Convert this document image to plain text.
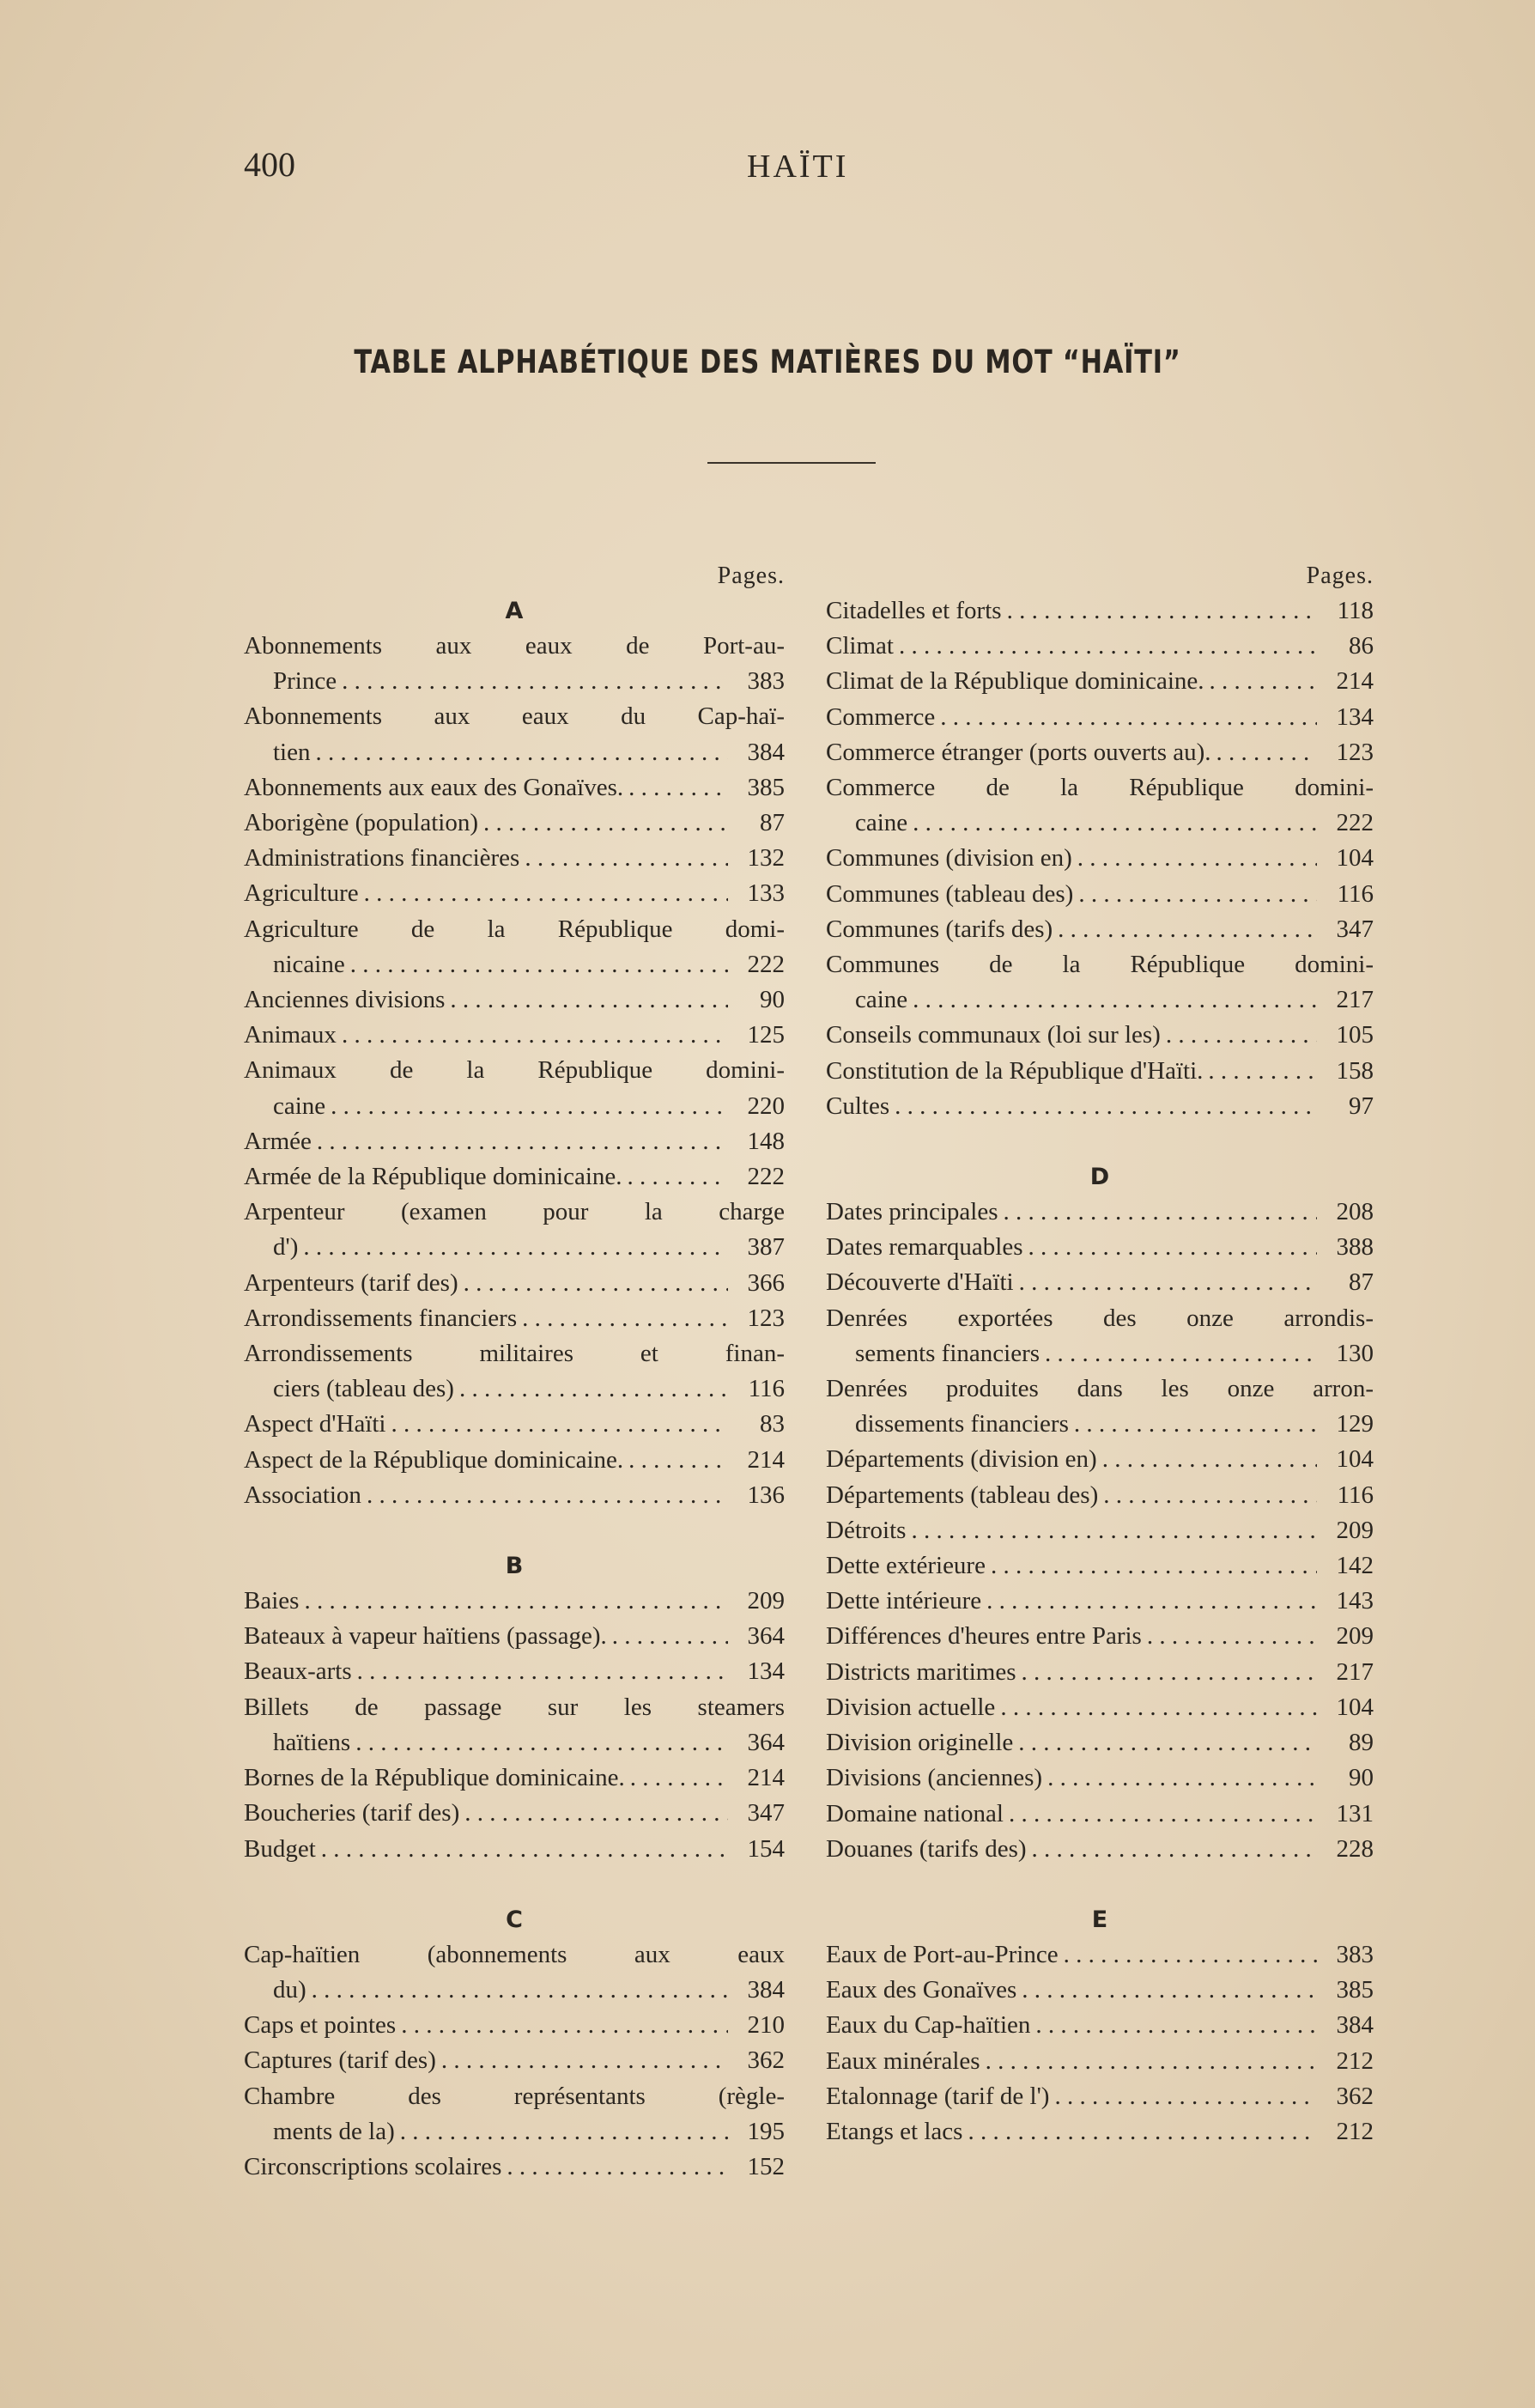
400	HAÏTI
TABLE ALPHABÉTIQUE DES MATIÈRES DU MOT “HAÏTI”
Pages.
A
Abonnements aux eaux de Port-au-
Prince . . .	383
Abonnements aux eaux du Cap-haï-
tien . . .	384
Abonnements aux eaux des Gonaïves. . . .	385
Aborigène (population) . . .	87
Administrations financières . . .	132
Agriculture . . .	133
Agriculture de la République domi-
nicaine . . .	222
Anciennes divisions . . .	90
Animaux . . .	125
Animaux de la République domini-
caine . . .	220
Armée . . .	148
Armée de la République dominicaine. . . .	222
Arpenteur (examen pour la charge
d') . . .	387
Arpenteurs (tarif des) . . .	366
Arrondissements financiers . . .	123
Arrondissements militaires et finan-
ciers (tableau des) . . .	116
Aspect d'Haïti . . .	83
Aspect de la République dominicaine. . . .	214
Association . . .	136
B
Baies . . .	209
Bateaux à vapeur haïtiens (passage). . . .	364
Beaux-arts . . .	134
Billets de passage sur les steamers
haïtiens . . .	364
Bornes de la République dominicaine. . . .	214
Boucheries (tarif des) . . .	347
Budget . . .	154
C
Cap-haïtien (abonnements aux eaux
du) . . .	384
Caps et pointes . . .	210
Captures (tarif des) . . .	362
Chambre des représentants (règle-
ments de la) . . .	195
Circonscriptions scolaires . . .	152
Pages.
Citadelles et forts . . .	118
Climat . . .	86
Climat de la République dominicaine. . . .	214
Commerce . . .	134
Commerce étranger (ports ouverts au). . . .	123
Commerce de la République domini-
caine . . .	222
Communes (division en) . . .	104
Communes (tableau des) . . .	116
Communes (tarifs des) . . .	347
Communes de la République domini-
caine . . .	217
Conseils communaux (loi sur les) . . .	105
Constitution de la République d'Haïti. . . .	158
Cultes . . .	97
D
Dates principales . . .	208
Dates remarquables . . .	388
Découverte d'Haïti . . .	87
Denrées exportées des onze arrondis-
sements financiers . . .	130
Denrées produites dans les onze arron-
dissements financiers . . .	129
Départements (division en) . . .	104
Départements (tableau des) . . .	116
Détroits . . .	209
Dette extérieure . . .	142
Dette intérieure . . .	143
Différences d'heures entre Paris . . .	209
Districts maritimes . . .	217
Division actuelle . . .	104
Division originelle . . .	89
Divisions (anciennes) . . .	90
Domaine national . . .	131
Douanes (tarifs des) . . .	228
E
Eaux de Port-au-Prince . . .	383
Eaux des Gonaïves . . .	385
Eaux du Cap-haïtien . . .	384
Eaux minérales . . .	212
Etalonnage (tarif de l') . . .	362
Etangs et lacs . . .	212
